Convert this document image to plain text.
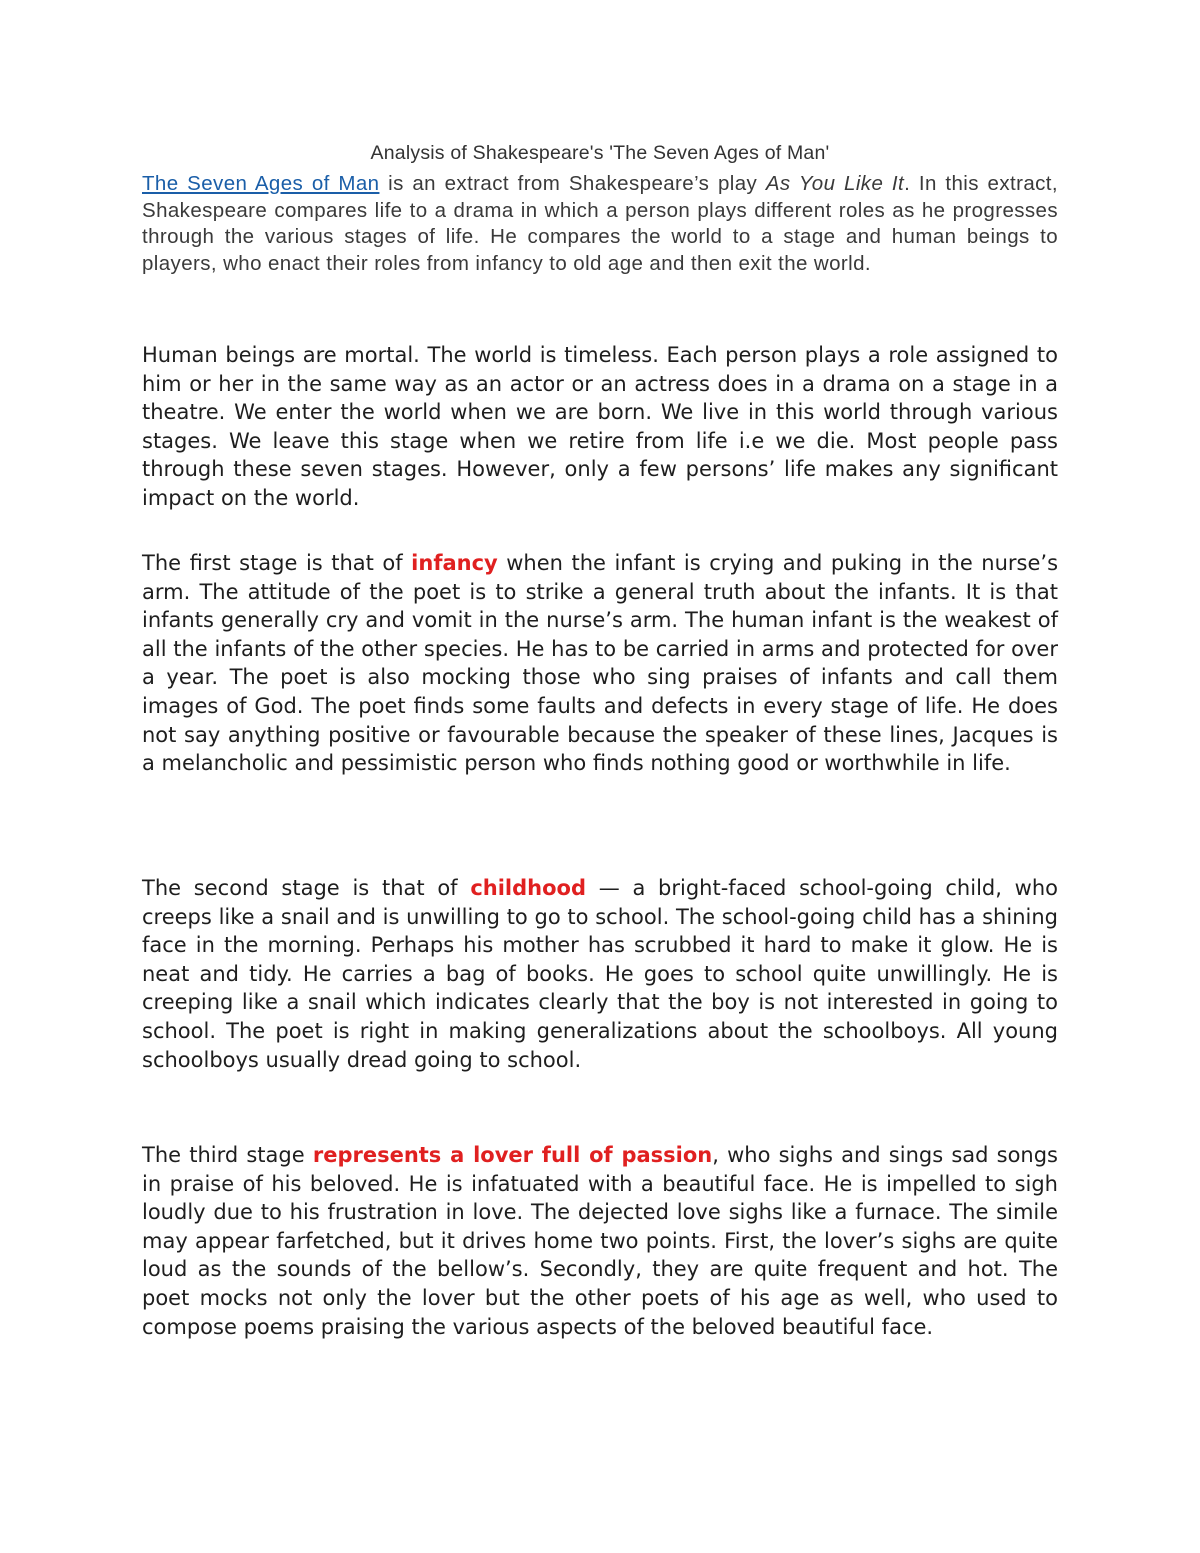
Analysis of Shakespeare's 'The Seven Ages of Man'

The Seven Ages of Man is an extract from Shakespeare’s play As You Like It. In this extract, Shakespeare compares life to a drama in which a person plays different roles as he progresses through the various stages of life. He compares the world to a stage and human beings to players, who enact their roles from infancy to old age and then exit the world.

Human beings are mortal. The world is timeless. Each person plays a role assigned to him or her in the same way as an actor or an actress does in a drama on a stage in a theatre. We enter the world when we are born. We live in this world through various stages. We leave this stage when we retire from life i.e we die. Most people pass through these seven stages. However, only a few persons’ life makes any significant impact on the world.

The first stage is that of infancy when the infant is crying and puking in the nurse’s arm. The attitude of the poet is to strike a general truth about the infants. It is that infants generally cry and vomit in the nurse’s arm. The human infant is the weakest of all the infants of the other species. He has to be carried in arms and protected for over a year. The poet is also mocking those who sing praises of infants and call them images of God. The poet finds some faults and defects in every stage of life. He does not say anything positive or favourable because the speaker of these lines, Jacques is a melancholic and pessimistic person who finds nothing good or worthwhile in life.

The second stage is that of childhood — a bright-faced school-going child, who creeps like a snail and is unwilling to go to school. The school-going child has a shining face in the morning. Perhaps his mother has scrubbed it hard to make it glow. He is neat and tidy. He carries a bag of books. He goes to school quite unwillingly. He is creeping like a snail which indicates clearly that the boy is not interested in going to school. The poet is right in making generalizations about the schoolboys. All young schoolboys usually dread going to school.

The third stage represents a lover full of passion, who sighs and sings sad songs in praise of his beloved. He is infatuated with a beautiful face. He is impelled to sigh loudly due to his frustration in love. The dejected love sighs like a furnace. The simile may appear farfetched, but it drives home two points. First, the lover’s sighs are quite loud as the sounds of the bellow’s. Secondly, they are quite frequent and hot. The poet mocks not only the lover but the other poets of his age as well, who used to compose poems praising the various aspects of the beloved beautiful face.
